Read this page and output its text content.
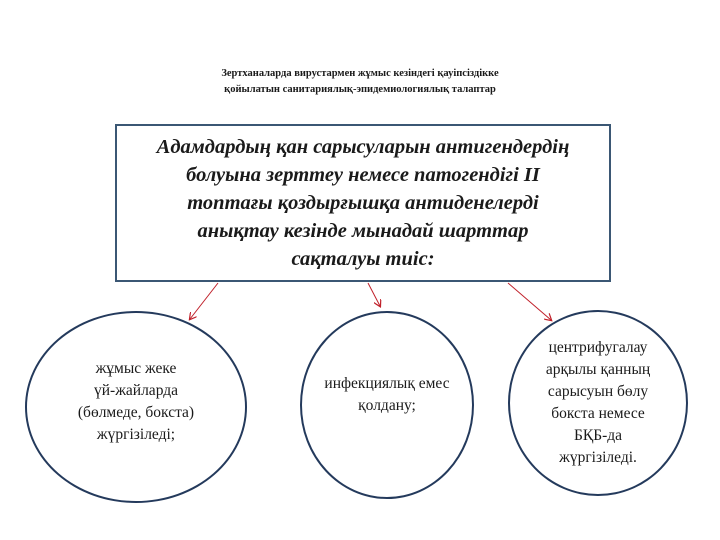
Зертханаларда вирустармен жұмыс кезіндегі қауіпсіздікке
қойылатын санитариялық-эпидемиологиялық талаптар
Адамдардың қан сарысуларын антигендердің
болуына зерттеу немесе патогендігі II
топтағы қоздырғышқа антиденелерді
анықтау кезінде мынадай шарттар
сақталуы тиіс:
жұмыс жеке
үй-жайларда
(бөлмеде, бокста)
жүргізіледі;
инфекциялық емес
қолдану;
центрифугалау
арқылы қанның
сарысуын бөлу
бокста немесе
БҚБ-да
жүргізіледі.
